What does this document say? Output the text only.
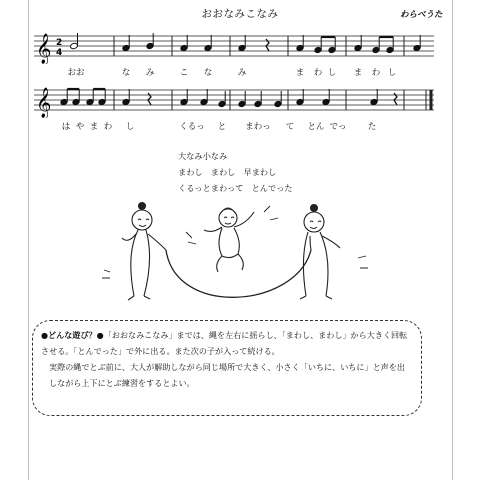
おおなみこなみ	わらべうた
𝄞 2
4
おお	な み	こ な	み	ま わ し ま わ し
𝄞
は や ま わ し	くるっ と まわっ て とん でっ た
大なみ小なみ
まわし　まわし　早まわし
くるっとまわって　とんでった

●どんな遊び？●「おおなみこなみ」までは、縄を左右に揺らし、「まわし、まわし」から大きく回転させる。「とんでった」で外に出る。また次の子が入って続ける。

実際の縄でとぶ前に、大人が解助しながら同じ場所で大きく、小さく「いちに、いちに」と声を出しながら上下にとぶ練習をするとよい。
